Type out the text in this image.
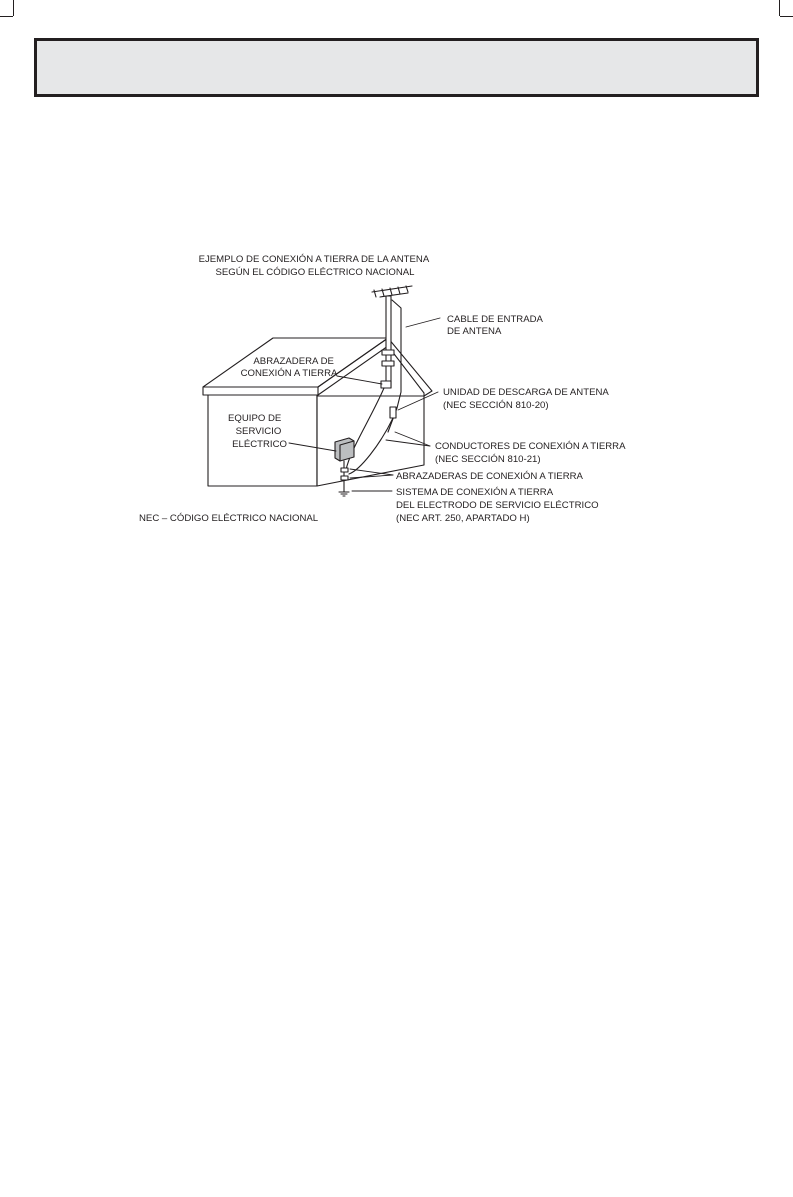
EJEMPLO DE CONEXIÓN A TIERRA DE LA ANTENA SEGÚN EL CÓDIGO ELÉCTRICO NACIONAL
CABLE DE ENTRADA DE ANTENA
ABRAZADERA DE CONEXIÓN A TIERRA
UNIDAD DE DESCARGA DE ANTENA (NEC SECCIÓN 810-20)
EQUIPO DE SERVICIO ELÉCTRICO	CONDUCTORES DE CONEXIÓN A TIERRA (NEC SECCIÓN 810-21)
ABRAZADERAS DE CONEXIÓN A TIERRA
SISTEMA DE CONEXIÓN A TIERRA DEL ELECTRODO DE SERVICIO ELÉCTRICO (NEC ART. 250, APARTADO H)
NEC – CÓDIGO ELÉCTRICO NACIONAL
